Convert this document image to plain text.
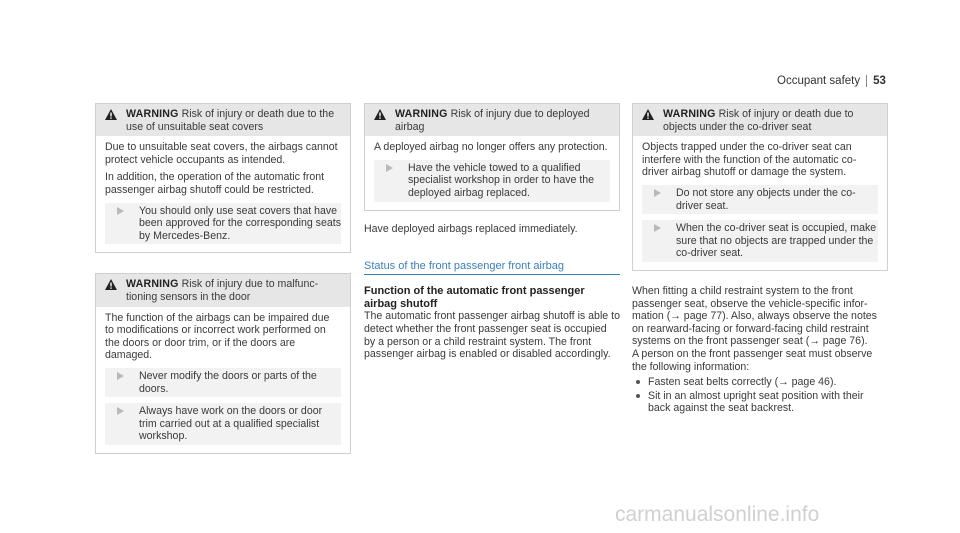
Occupant safety 53
WARNING Risk of injury or death due to the use of unsuitable seat covers

Due to unsuitable seat covers, the airbags cannot protect vehicle occupants as intended.

In addition, the operation of the automatic front passenger airbag shutoff could be restricted.

You should only use seat covers that have been approved for the corresponding seats by Mercedes-Benz.
WARNING Risk of injury due to malfunctioning sensors in the door

The function of the airbags can be impaired due to modifications or incorrect work performed on the doors or door trim, or if the doors are damaged.

Never modify the doors or parts of the doors.
Always have work on the doors or door trim carried out at a qualified specialist workshop.
WARNING Risk of injury due to deployed airbag

A deployed airbag no longer offers any protection.

Have the vehicle towed to a qualified specialist workshop in order to have the deployed airbag replaced.

Have deployed airbags replaced immediately.

Status of the front passenger front airbag

Function of the automatic front passenger airbag shutoff

The automatic front passenger airbag shutoff is able to detect whether the front passenger seat is occupied by a person or a child restraint system. The front passenger airbag is enabled or disabled accordingly.

WARNING Risk of injury or death due to objects under the co-driver seat

Objects trapped under the co-driver seat can interfere with the function of the automatic co-driver airbag shutoff or damage the system.

Do not store any objects under the co-driver seat.
When the co-driver seat is occupied, make sure that no objects are trapped under the co-driver seat.

When fitting a child restraint system to the front passenger seat, observe the vehicle-specific information (→ page 77). Also, always observe the notes on rearward-facing or forward-facing child restraint systems on the front passenger seat (→ page 76).

A person on the front passenger seat must observe the following information:

Fasten seat belts correctly (→ page 46).
Sit in an almost upright seat position with their back against the seat backrest.
carmanualsonline.info
